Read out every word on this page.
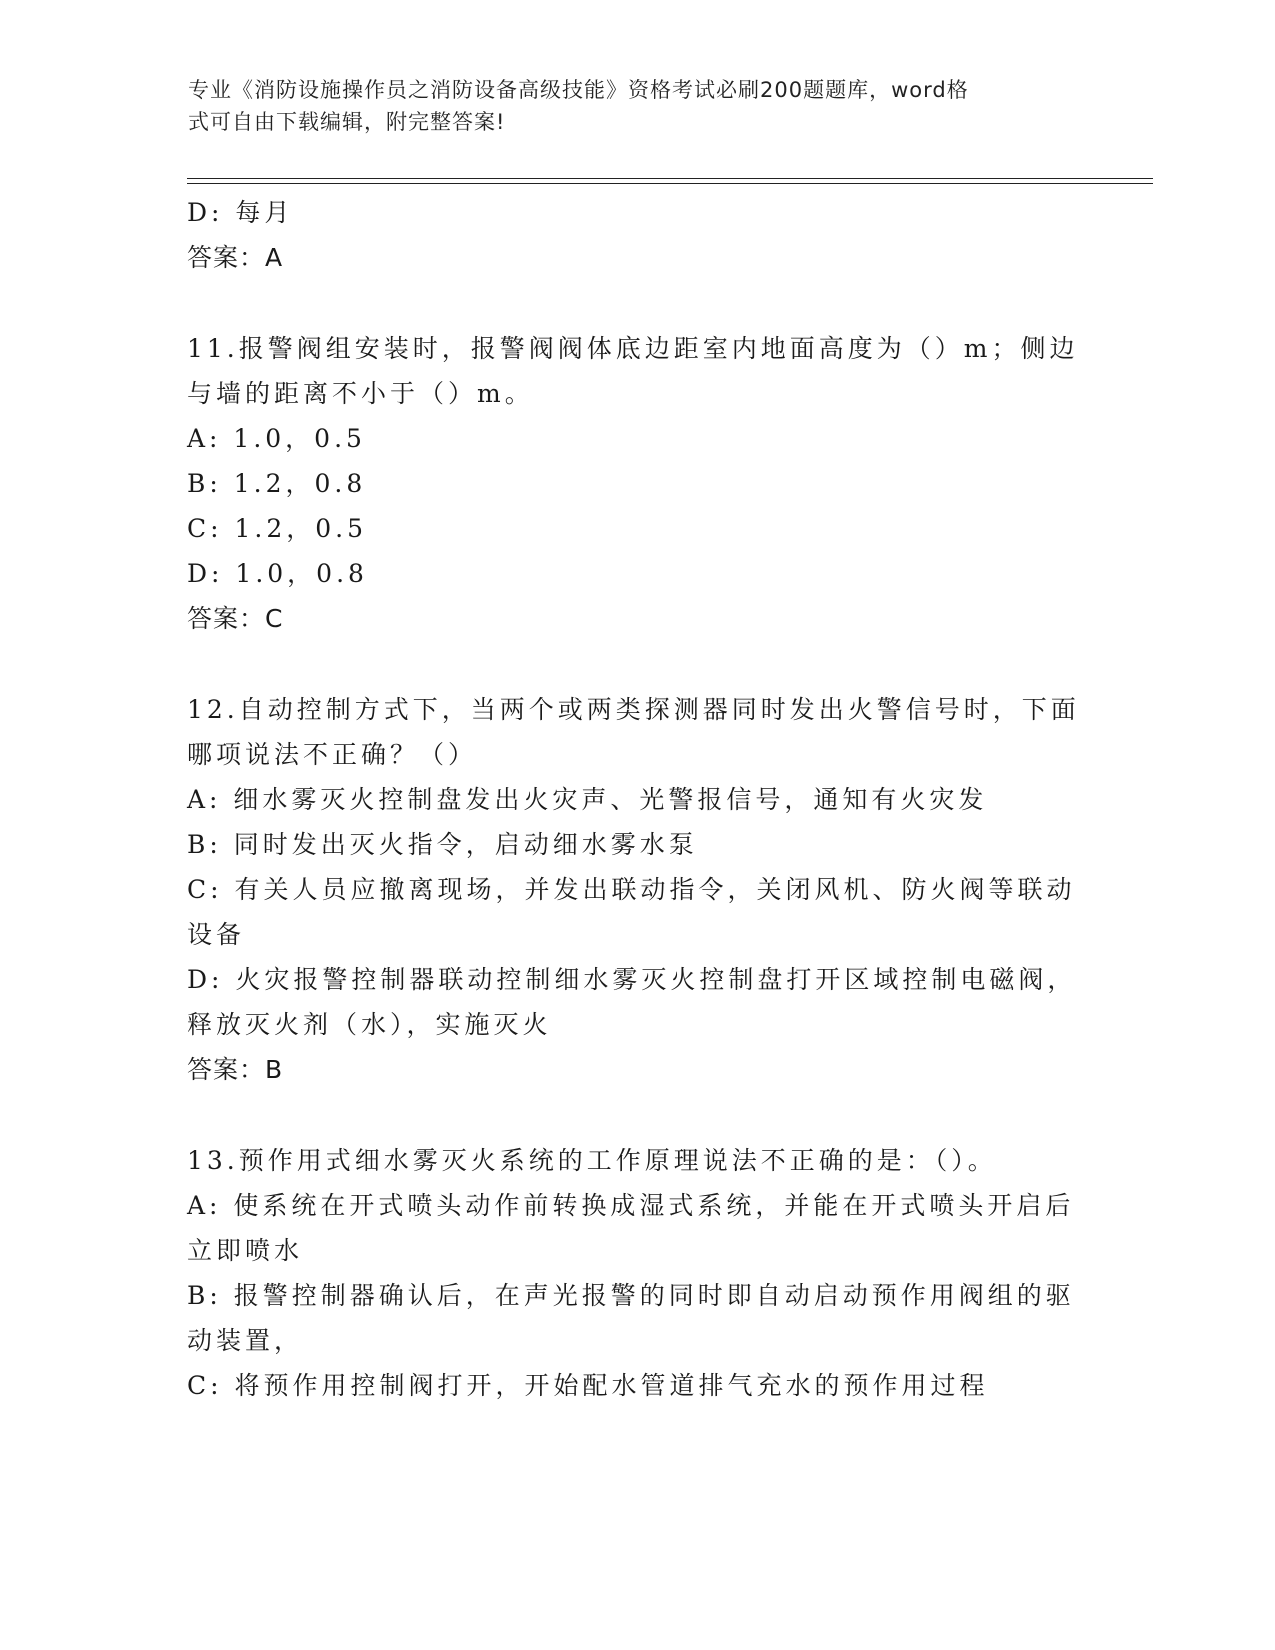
专业《消防设施操作员之消防设备高级技能》资格考试必刷200题题库，word格
式可自由下载编辑，附完整答案!
D: 每月
答案：A
11.报警阀组安装时，报警阀阀体底边距室内地面高度为（）m；侧边
与墙的距离不小于（）m。
A: 1.0，0.5
B: 1.2，0.8
C: 1.2，0.5
D: 1.0，0.8
答案：C
12.自动控制方式下，当两个或两类探测器同时发出火警信号时，下面
哪项说法不正确？（）
A: 细水雾灭火控制盘发出火灾声、光警报信号，通知有火灾发
B: 同时发出灭火指令，启动细水雾水泵
C: 有关人员应撤离现场，并发出联动指令，关闭风机、防火阀等联动
设备
D: 火灾报警控制器联动控制细水雾灭火控制盘打开区域控制电磁阀，
释放灭火剂（水），实施灭火
答案：B
13.预作用式细水雾灭火系统的工作原理说法不正确的是：（）。
A: 使系统在开式喷头动作前转换成湿式系统，并能在开式喷头开启后
立即喷水
B: 报警控制器确认后，在声光报警的同时即自动启动预作用阀组的驱
动装置，
C: 将预作用控制阀打开，开始配水管道排气充水的预作用过程
